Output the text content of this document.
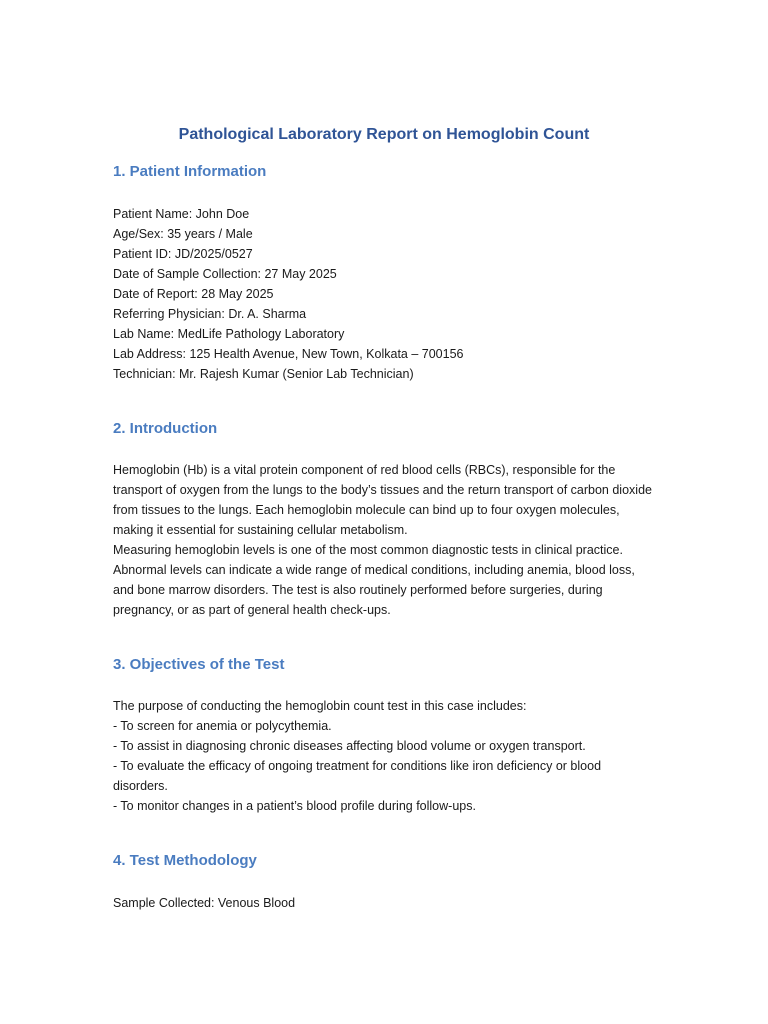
Pathological Laboratory Report on Hemoglobin Count
1. Patient Information
Patient Name: John Doe
Age/Sex: 35 years / Male
Patient ID: JD/2025/0527
Date of Sample Collection: 27 May 2025
Date of Report: 28 May 2025
Referring Physician: Dr. A. Sharma
Lab Name: MedLife Pathology Laboratory
Lab Address: 125 Health Avenue, New Town, Kolkata – 700156
Technician: Mr. Rajesh Kumar (Senior Lab Technician)
2. Introduction
Hemoglobin (Hb) is a vital protein component of red blood cells (RBCs), responsible for the transport of oxygen from the lungs to the body’s tissues and the return transport of carbon dioxide from tissues to the lungs. Each hemoglobin molecule can bind up to four oxygen molecules, making it essential for sustaining cellular metabolism.
Measuring hemoglobin levels is one of the most common diagnostic tests in clinical practice. Abnormal levels can indicate a wide range of medical conditions, including anemia, blood loss, and bone marrow disorders. The test is also routinely performed before surgeries, during pregnancy, or as part of general health check-ups.
3. Objectives of the Test
The purpose of conducting the hemoglobin count test in this case includes:
- To screen for anemia or polycythemia.
- To assist in diagnosing chronic diseases affecting blood volume or oxygen transport.
- To evaluate the efficacy of ongoing treatment for conditions like iron deficiency or blood disorders.
- To monitor changes in a patient’s blood profile during follow-ups.
4. Test Methodology
Sample Collected: Venous Blood
